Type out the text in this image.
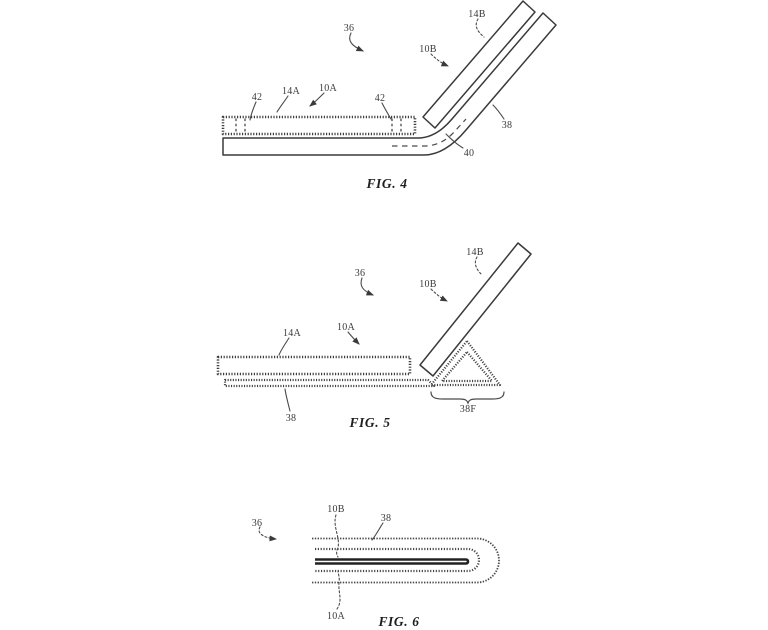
36
14B
10B
42
14A 10A
42
38
40
FIG. 4
36
14B
10B
14A
10A
38
38F
FIG. 5
36
10B
38
10A FIG. 6
